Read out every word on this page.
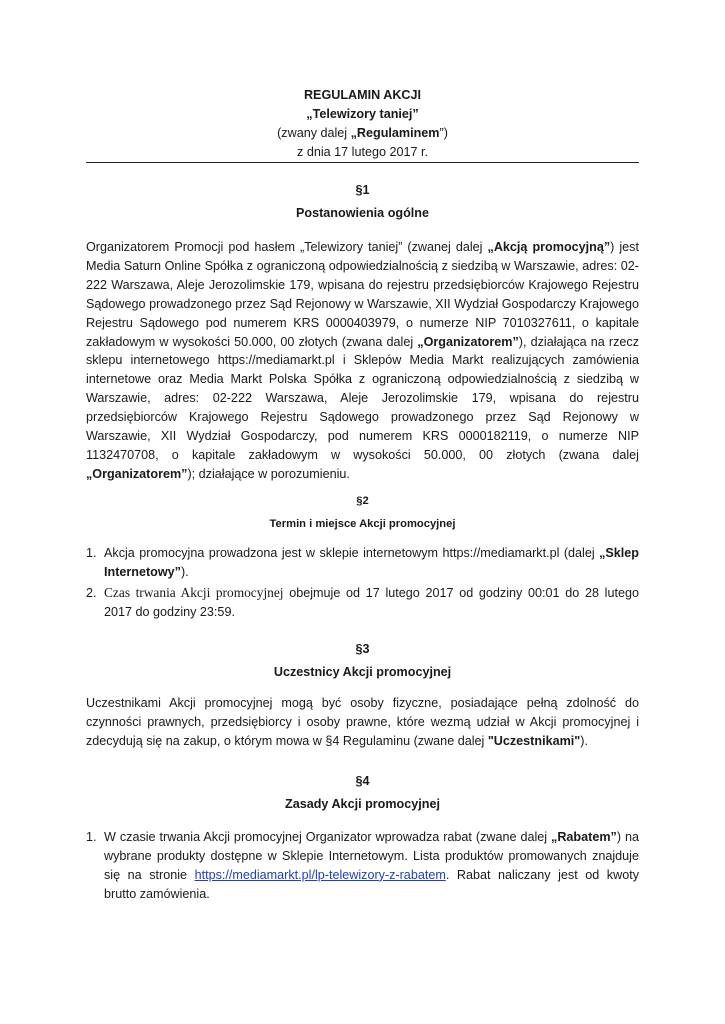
REGULAMIN AKCJI
„Telewizory taniej”
(zwany dalej „Regulaminem”)
z dnia 17 lutego 2017 r.
§1
Postanowienia ogólne
Organizatorem Promocji pod hasłem „Telewizory taniej” (zwanej dalej „Akcją promocyjną”) jest Media Saturn Online Spółka z ograniczoną odpowiedzialnością z siedzibą w Warszawie, adres: 02-222 Warszawa, Aleje Jerozolimskie 179, wpisana do rejestru przedsiębiorców Krajowego Rejestru Sądowego prowadzonego przez Sąd Rejonowy w Warszawie, XII Wydział Gospodarczy Krajowego Rejestru Sądowego pod numerem KRS 0000403979, o numerze NIP 7010327611, o kapitale zakładowym w wysokości 50.000, 00 złotych (zwana dalej „Organizatorem”), działająca na rzecz sklepu internetowego https://mediamarkt.pl i Sklepów Media Markt realizujących zamówienia internetowe oraz Media Markt Polska Spółka z ograniczoną odpowiedzialnością z siedzibą w Warszawie, adres: 02-222 Warszawa, Aleje Jerozolimskie 179, wpisana do rejestru przedsiębiorców Krajowego Rejestru Sądowego prowadzonego przez Sąd Rejonowy w Warszawie, XII Wydział Gospodarczy, pod numerem KRS 0000182119, o numerze NIP 1132470708, o kapitale zakładowym w wysokości 50.000, 00 złotych (zwana dalej „Organizatorem”); działające w porozumieniu.
§2
Termin i miejsce Akcji promocyjnej
1. Akcja promocyjna prowadzona jest w sklepie internetowym https://mediamarkt.pl (dalej „Sklep Internetowy”).
2. Czas trwania Akcji promocyjnej obejmuje od 17 lutego 2017 od godziny 00:01 do 28 lutego 2017 do godziny 23:59.
§3
Uczestnicy Akcji promocyjnej
Uczestnikami Akcji promocyjnej mogą być osoby fizyczne, posiadające pełną zdolność do czynności prawnych, przedsiębiorcy i osoby prawne, które wezmą udział w Akcji promocyjnej i zdecydują się na zakup, o którym mowa w §4 Regulaminu (zwane dalej "Uczestnikami").
§4
Zasady Akcji promocyjnej
1. W czasie trwania Akcji promocyjnej Organizator wprowadza rabat (zwane dalej „Rabatem”) na wybrane produkty dostępne w Sklepie Internetowym. Lista produktów promowanych znajduje się na stronie https://mediamarkt.pl/lp-telewizory-z-rabatem. Rabat naliczany jest od kwoty brutto zamówienia.
